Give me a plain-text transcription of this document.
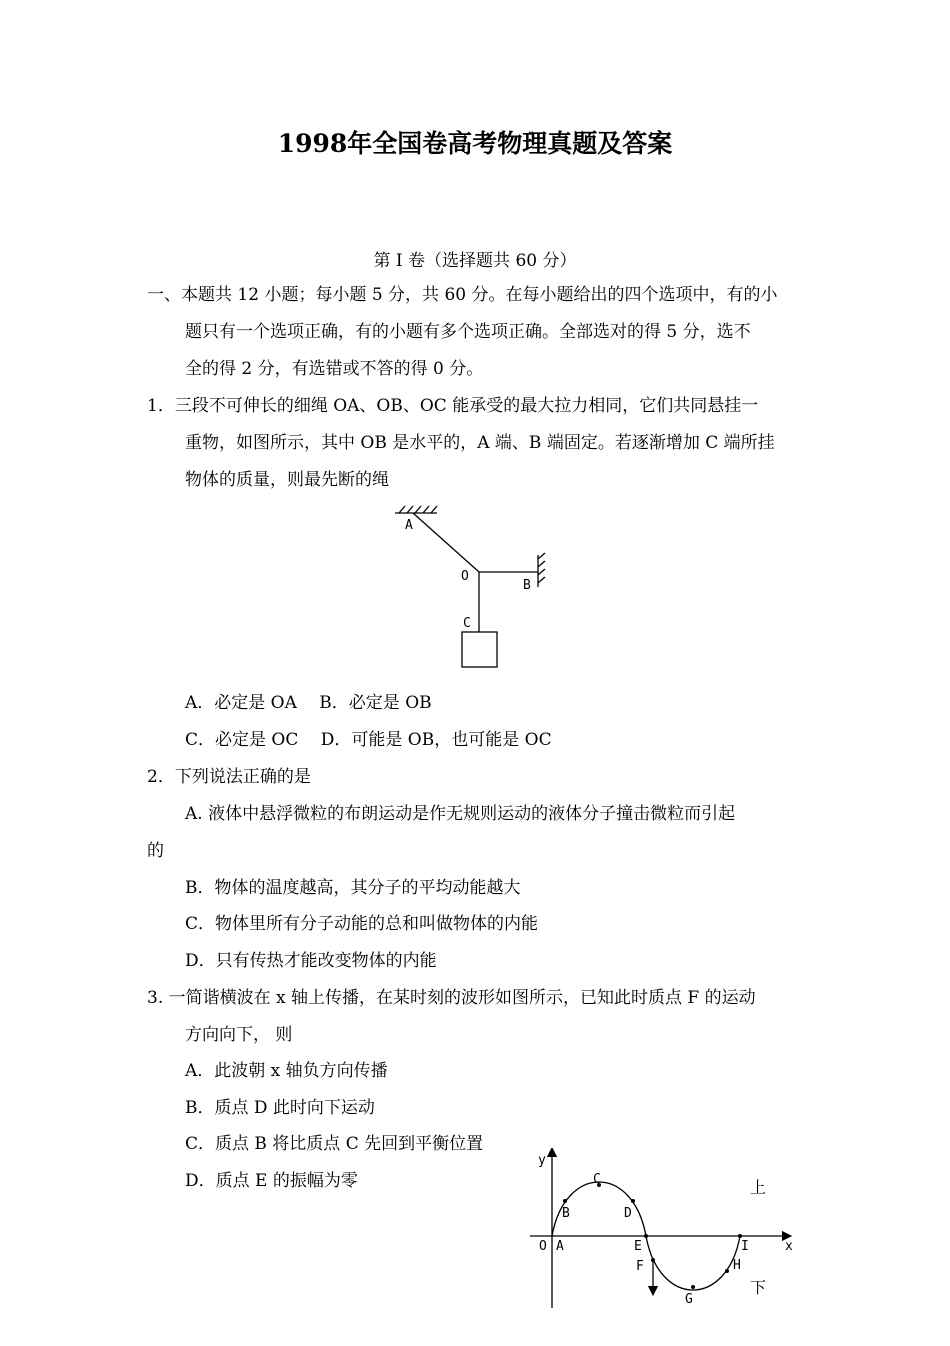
1998年全国卷高考物理真题及答案
第 I 卷（选择题共 60 分）
一、本题共 12 小题；每小题 5 分，共 60 分。在每小题给出的四个选项中，有的小
题只有一个选项正确，有的小题有多个选项正确。全部选对的得 5 分，选不
全的得 2 分，有选错或不答的得 0 分。
1．三段不可伸长的细绳 OA、OB、OC 能承受的最大拉力相同，它们共同悬挂一
重物，如图所示，其中 OB 是水平的，A 端、B 端固定。若逐渐增加 C 端所挂
物体的质量，则最先断的绳
A
O
B
C
A．必定是 OA　 B．必定是 OB
C．必定是 OC　 D．可能是 OB，也可能是 OC
2．下列说法正确的是
A. 液体中悬浮微粒的布朗运动是作无规则运动的液体分子撞击微粒而引起
的
B．物体的温度越高，其分子的平均动能越大
C．物体里所有分子动能的总和叫做物体的内能
D．只有传热才能改变物体的内能
3. 一简谐横波在 x 轴上传播，在某时刻的波形如图所示，已知此时质点 F 的运动
方向向下， 则
A．此波朝 x 轴负方向传播
B．质点 D 此时向下运动
C．质点 B 将比质点 C 先回到平衡位置
D．质点 E 的振幅为零
y
x
O A
B
C
D
E
F
G
H
I
上
下
